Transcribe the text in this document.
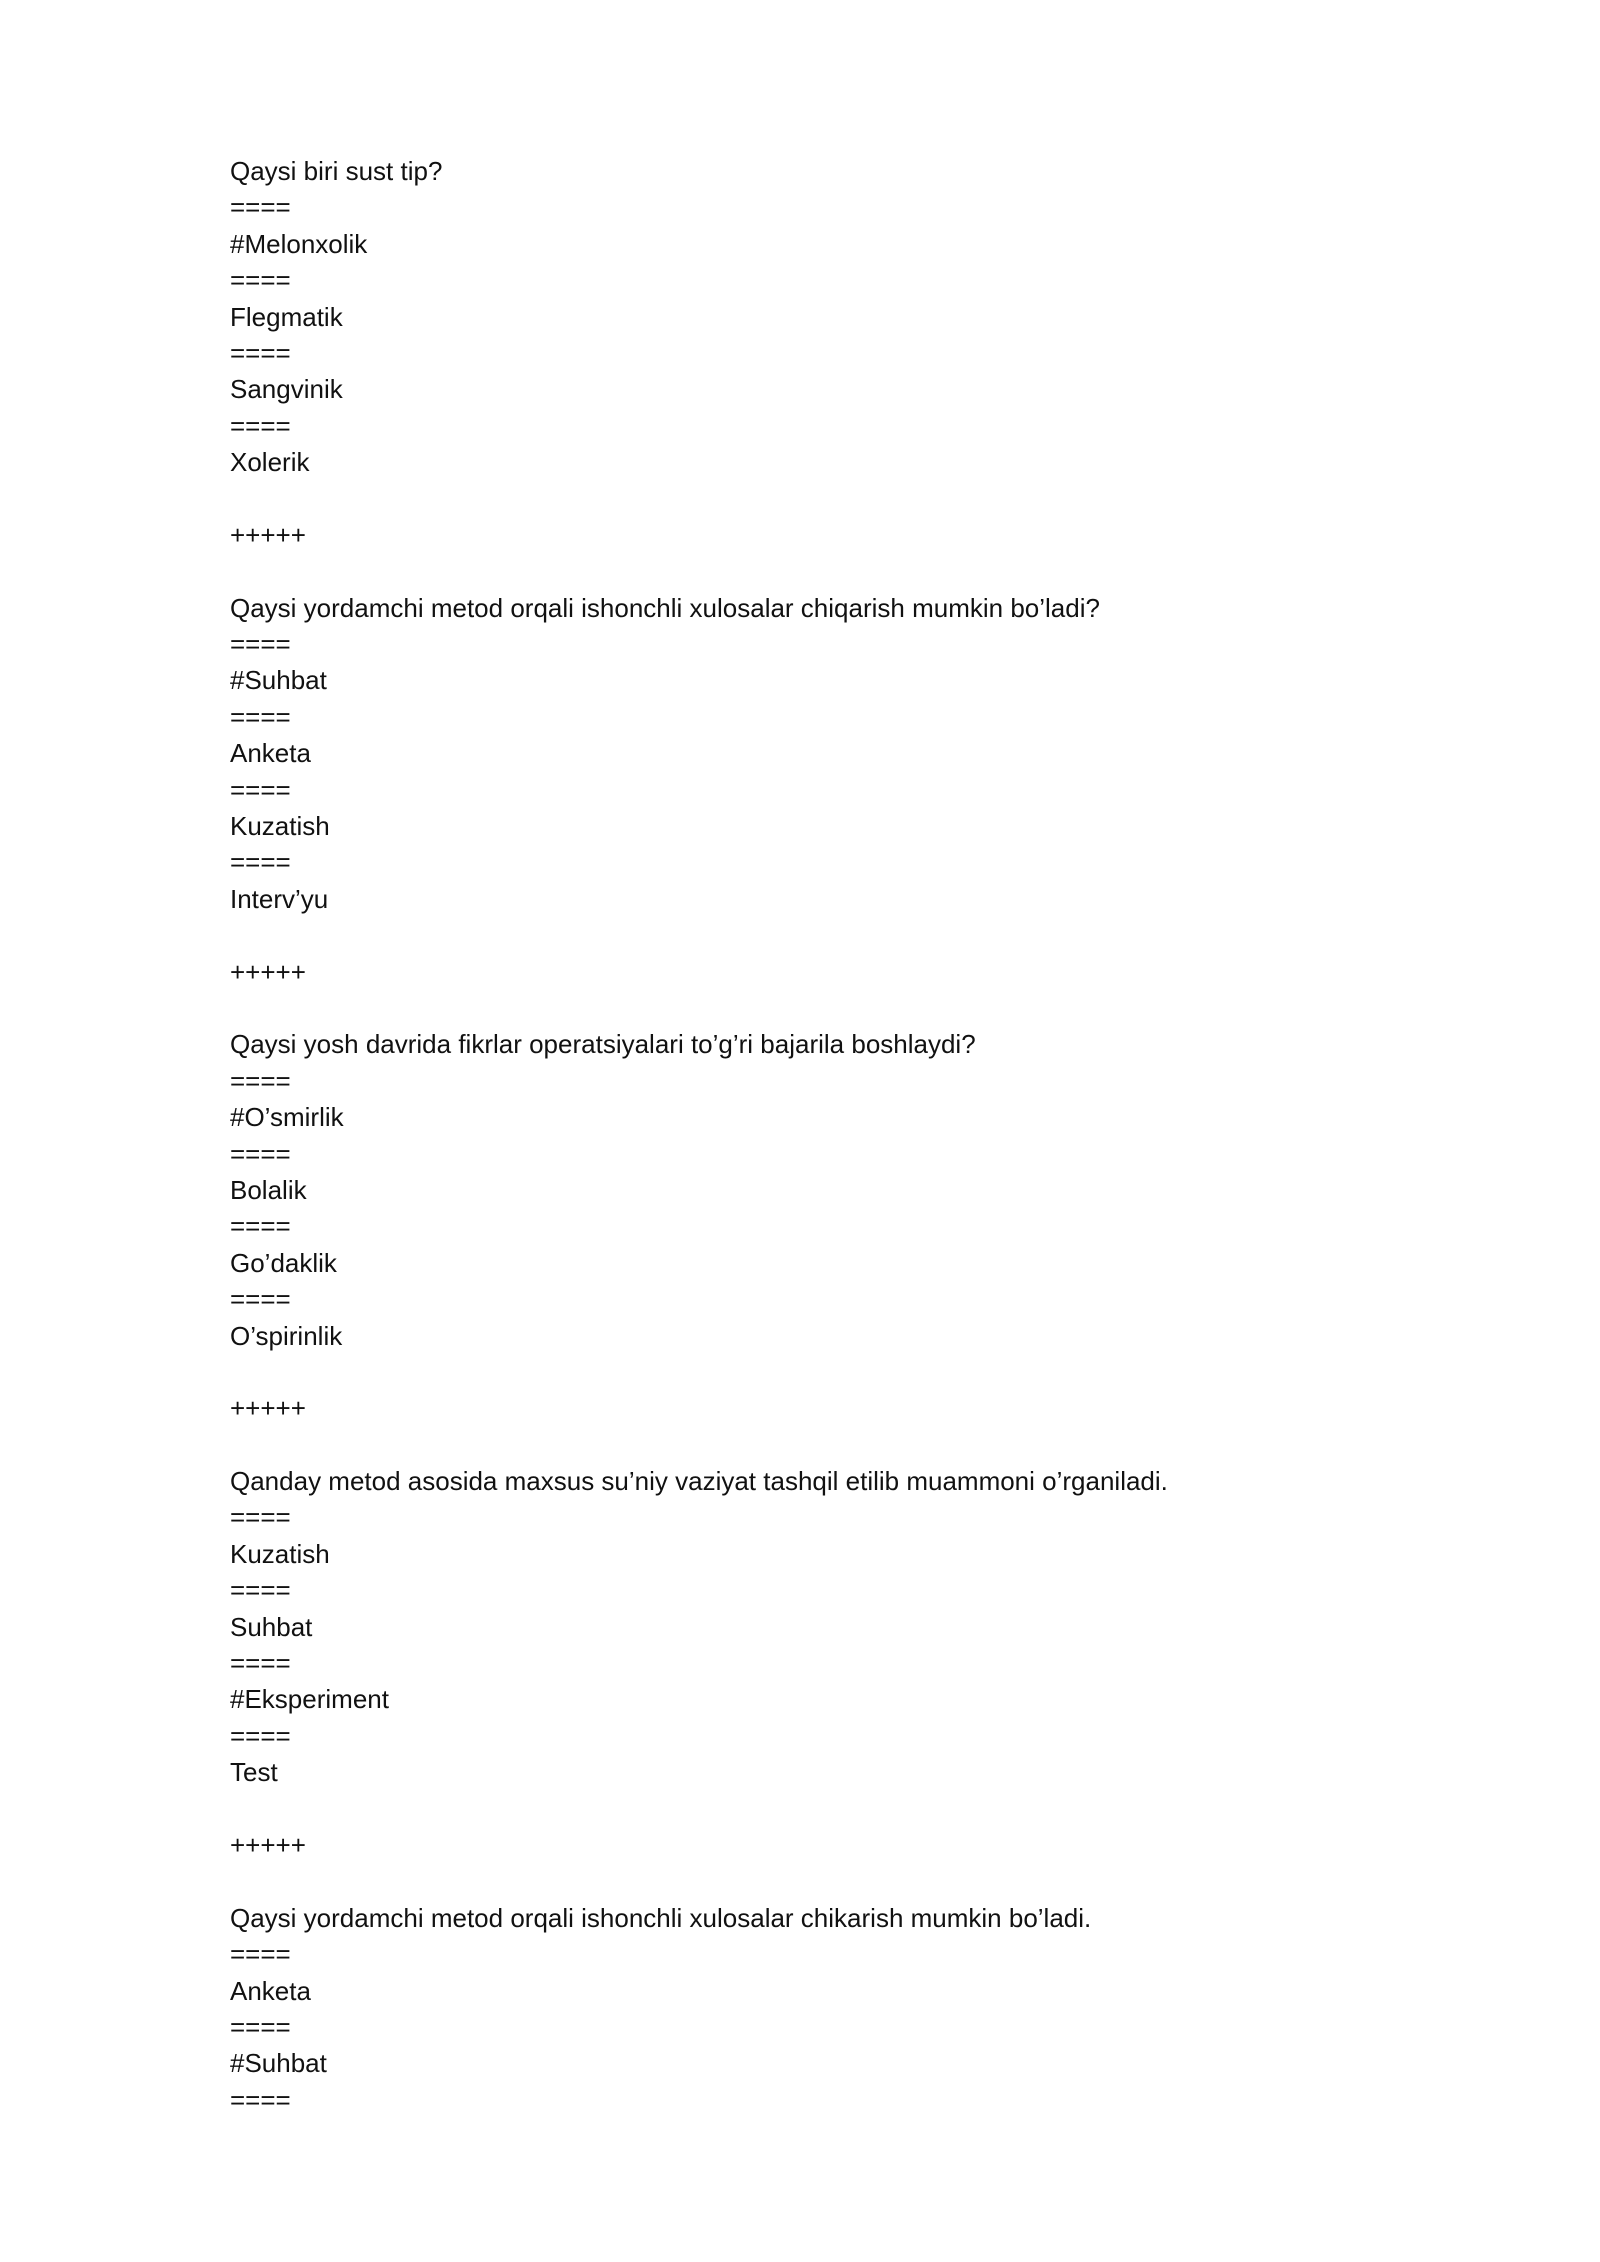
Qaysi biri sust tip?
====
#Melonxolik
====
Flegmatik
====
Sangvinik
====
Xolerik
+++++
Qaysi yordamchi metod orqali ishonchli xulosalar chiqarish mumkin bo’ladi?
====
#Suhbat
====
Anketa
====
Kuzatish
====
Interv’yu
+++++
Qaysi yosh davrida fikrlar operatsiyalari to’g’ri bajarila boshlaydi?
====
#O’smirlik
====
Bolalik
====
Go’daklik
====
O’spirinlik
+++++
Qanday metod asosida maxsus su’niy vaziyat tashqil etilib muammoni o’rganiladi.
====
Kuzatish
====
Suhbat
====
#Eksperiment
====
Test
+++++
Qaysi yordamchi metod orqali ishonchli xulosalar chikarish mumkin bo’ladi.
====
Anketa
====
#Suhbat
====
